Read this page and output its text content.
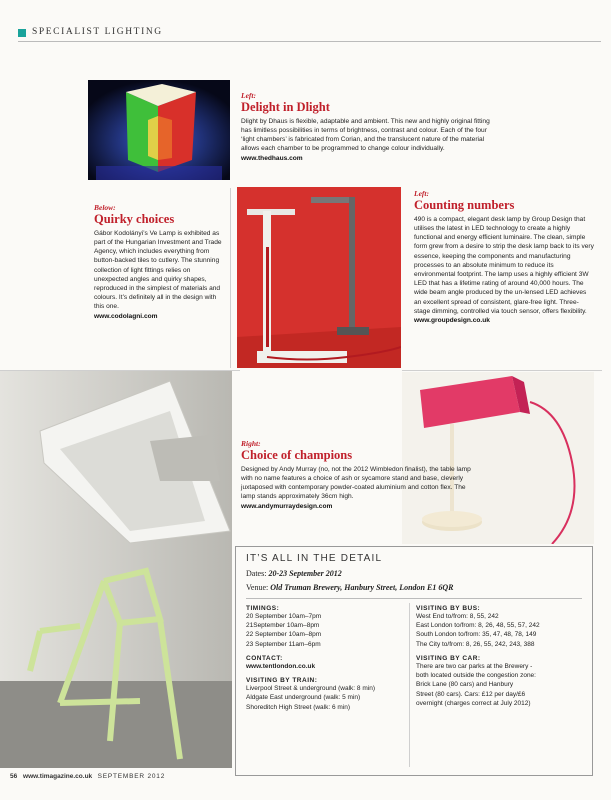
SPECIALIST LIGHTING
Left:
Delight in Dlight
Dlight by Dhaus is flexible, adaptable and ambient. This new and highly original fitting has limitless possibilities in terms of brightness, contrast and colour. Each of the four ‘light chambers’ is fabricated from Corian, and the translucent nature of the material allows each chamber to be programmed to change colour individually.
www.thedhaus.com
Below:
Quirky choices
Gábor Kodolányi’s Ve Lamp is exhibited as part of the Hungarian Investment and Trade Agency, which includes everything from button-backed tiles to cutlery. The stunning collection of light fittings relies on unexpected angles and quirky shapes, reproduced in the simplest of materials and colours. It’s definitely all in the design with this one.
www.codolagni.com
Left:
Counting numbers
490 is a compact, elegant desk lamp by Group Design that utilises the latest in LED technology to create a highly functional and energy efficient luminaire. The clean, simple form grew from a desire to strip the desk lamp back to its very essence, keeping the components and manufacturing processes to an absolute minimum to reduce its environmental footprint. The lamp uses a highly efficient 3W LED that has a lifetime rating of around 40,000 hours. The wide beam angle produced by the un-lensed LED achieves an excellent spread of consistent, glare-free light. Three-stage dimming, controlled via touch sensor, offers flexibility.
www.groupdesign.co.uk
Right:
Choice of champions
Designed by Andy Murray (no, not the 2012 Wimbledon finalist), the table lamp with no name features a choice of ash or sycamore stand and base, cleverly juxtaposed with contemporary powder-coated aluminium and cotton flex. The lamp stands approximately 36cm high.
www.andymurraydesign.com
IT’S ALL IN THE DETAIL
Dates: 20-23 September 2012
Venue: Old Truman Brewery, Hanbury Street, London E1 6QR
TIMINGS:
20 September 10am–7pm
21September 10am–8pm
22 September 10am–8pm
23 September 11am–6pm
CONTACT:
www.tentlondon.co.uk
VISITING BY TRAIN:
Liverpool Street & underground (walk: 8 min)
Aldgate East underground (walk: 5 min)
Shoreditch High Street (walk: 6 min)
VISITING BY BUS:
West End to/from: 8, 55, 242
East London to/from: 8, 26, 48, 55, 57, 242
South London to/from: 35, 47, 48, 78, 149
The City to/from: 8, 26, 55, 242, 243, 388
VISITING BY CAR:
There are two car parks at the Brewery -
both located outside the congestion zone:
Brick Lane (80 cars) and Hanbury
Street (80 cars). Cars: £12 per day/£6
overnight (charges correct at July 2012)
56 www.timagazine.co.uk SEPTEMBER 2012
